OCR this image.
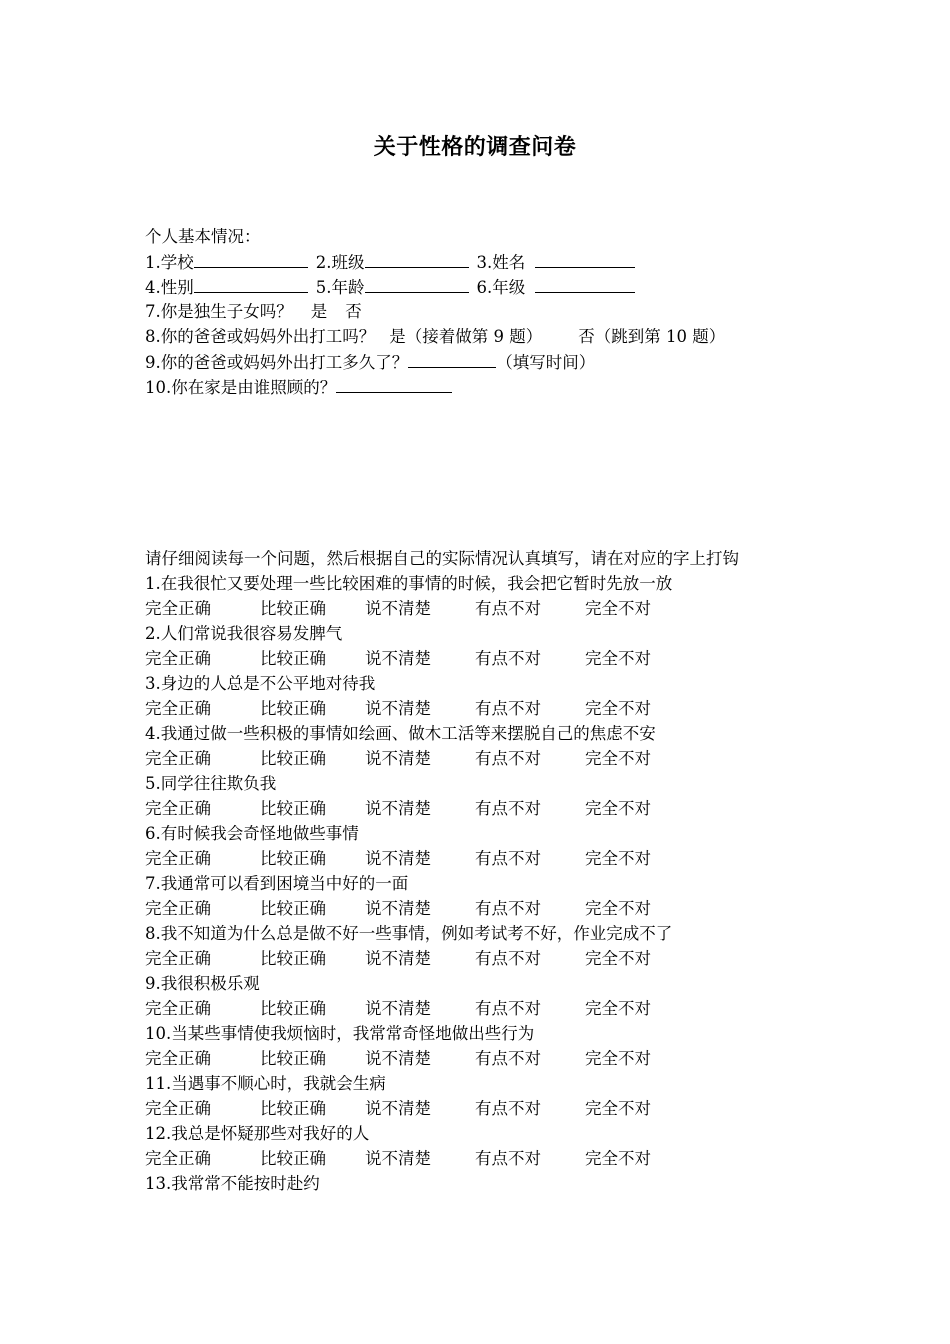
关于性格的调查问卷
个人基本情况：
1.学校	2.班级	3.姓名
4.性别	5.年龄	6.年级
7.你是独生子女吗？ 是 否
8.你的爸爸或妈妈外出打工吗？ 是（接着做第 9 题） 否（跳到第 10 题）
9.你的爸爸或妈妈外出打工多久了？	（填写时间）
10.你在家是由谁照顾的？
请仔细阅读每一个问题，然后根据自己的实际情况认真填写，请在对应的字上打钩
1.在我很忙又要处理一些比较困难的事情的时候，我会把它暂时先放一放
完全正确	比较正确 说不清楚	有点不对	完全不对
2.人们常说我很容易发脾气
完全正确	比较正确 说不清楚	有点不对	完全不对
3.身边的人总是不公平地对待我
完全正确	比较正确 说不清楚	有点不对	完全不对
4.我通过做一些积极的事情如绘画、做木工活等来摆脱自己的焦虑不安
完全正确	比较正确 说不清楚	有点不对	完全不对
5.同学往往欺负我
完全正确	比较正确 说不清楚	有点不对	完全不对
6.有时候我会奇怪地做些事情
完全正确	比较正确 说不清楚	有点不对	完全不对
7.我通常可以看到困境当中好的一面
完全正确	比较正确 说不清楚	有点不对	完全不对
8.我不知道为什么总是做不好一些事情，例如考试考不好，作业完成不了
完全正确	比较正确 说不清楚	有点不对	完全不对
9.我很积极乐观
完全正确	比较正确 说不清楚	有点不对	完全不对
10.当某些事情使我烦恼时，我常常奇怪地做出些行为
完全正确	比较正确 说不清楚	有点不对	完全不对
11.当遇事不顺心时，我就会生病
完全正确	比较正确 说不清楚	有点不对	完全不对
12.我总是怀疑那些对我好的人
完全正确	比较正确 说不清楚	有点不对	完全不对
13.我常常不能按时赴约
